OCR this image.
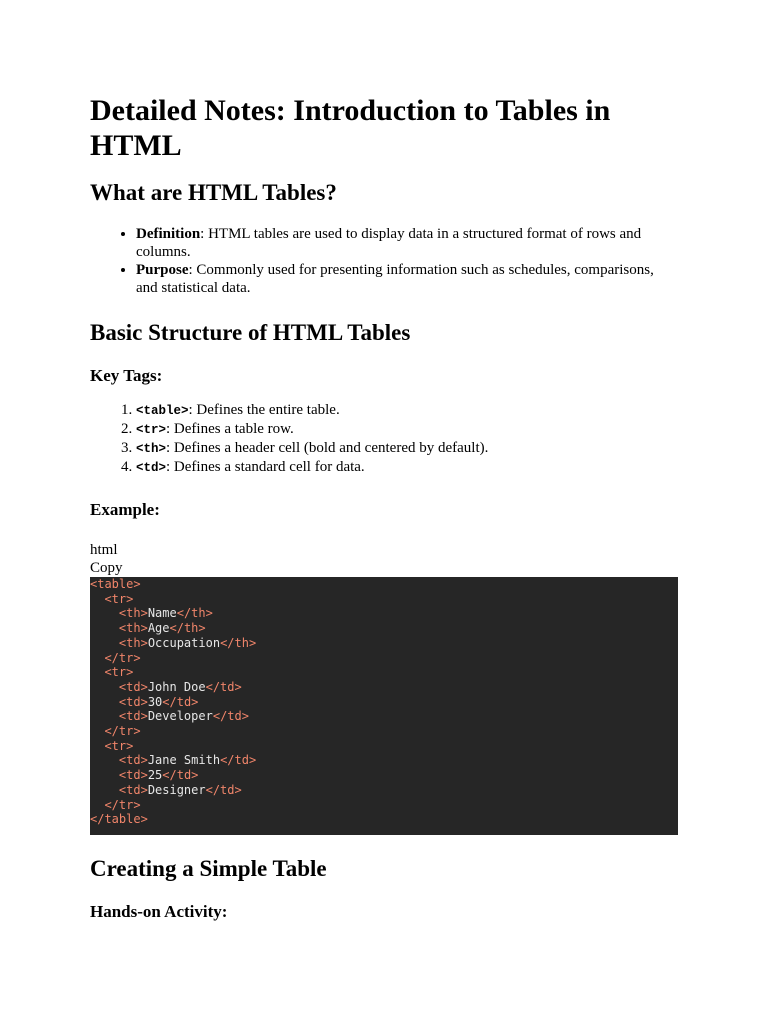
Detailed Notes: Introduction to Tables in HTML
What are HTML Tables?
• Definition: HTML tables are used to display data in a structured format of rows and columns.
• Purpose: Commonly used for presenting information such as schedules, comparisons, and statistical data.
Basic Structure of HTML Tables
Key Tags:
1. <table>: Defines the entire table.
2. <tr>: Defines a table row.
3. <th>: Defines a header cell (bold and centered by default).
4. <td>: Defines a standard cell for data.
Example:
html
Copy
<table>
<tr>
<th>Name</th>
<th>Age</th>
<th>Occupation</th>
</tr>
<tr>
<td>John Doe</td>
<td>30</td>
<td>Developer</td>
</tr>
<tr>
<td>Jane Smith</td>
<td>25</td>
<td>Designer</td>
</tr>
</table>
Creating a Simple Table
Hands-on Activity:
